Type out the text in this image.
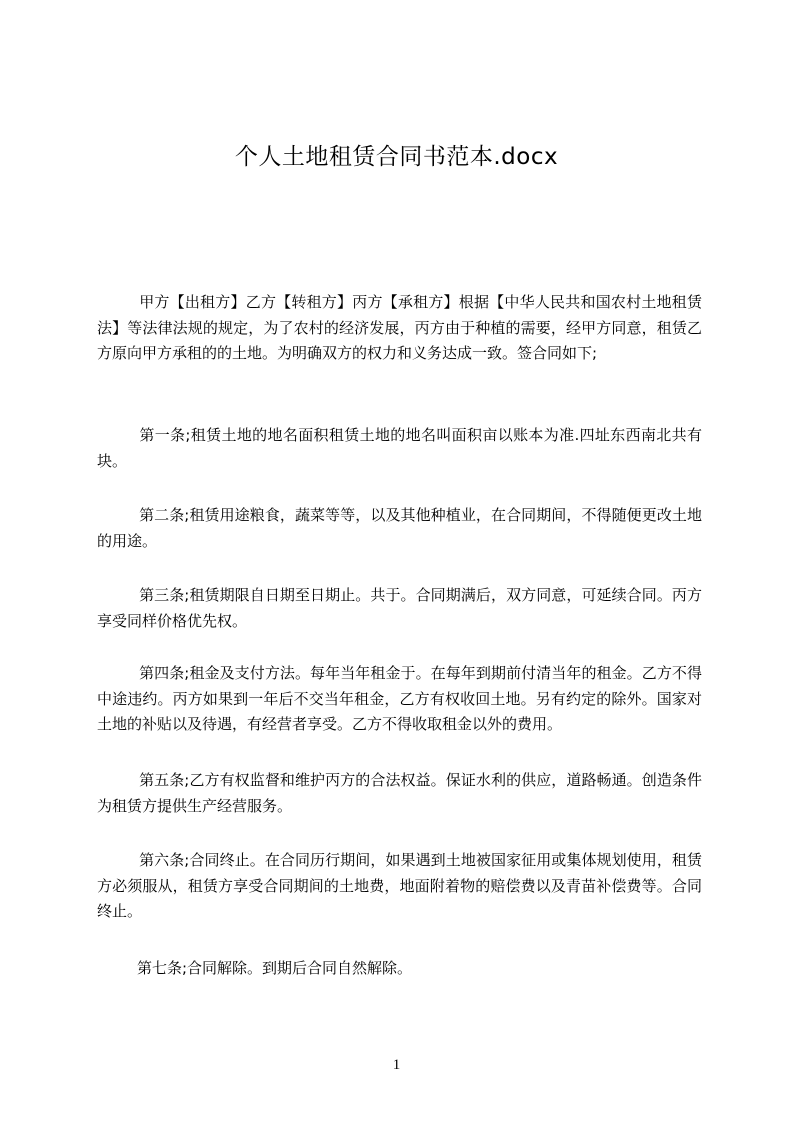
个人土地租赁合同书范本.docx

甲方【出租方】乙方【转租方】丙方【承租方】根据【中华人民共和国农村土地租赁法】等法律法规的规定，为了农村的经济发展，丙方由于种植的需要，经甲方同意，租赁乙方原向甲方承租的的土地。为明确双方的权力和义务达成一致。签合同如下;

第一条;租赁土地的地名面积租赁土地的地名叫面积亩以账本为准.四址东西南北共有块。

第二条;租赁用途粮食，蔬菜等等，以及其他种植业，在合同期间，不得随便更改土地的用途。

第三条;租赁期限自日期至日期止。共于。合同期满后，双方同意，可延续合同。丙方享受同样价格优先权。

第四条;租金及支付方法。每年当年租金于。在每年到期前付清当年的租金。乙方不得中途违约。丙方如果到一年后不交当年租金，乙方有权收回土地。另有约定的除外。国家对土地的补贴以及待遇，有经营者享受。乙方不得收取租金以外的费用。

第五条;乙方有权监督和维护丙方的合法权益。保证水利的供应，道路畅通。创造条件为租赁方提供生产经营服务。

第六条;合同终止。在合同历行期间，如果遇到土地被国家征用或集体规划使用，租赁方必须服从，租赁方享受合同期间的土地费，地面附着物的赔偿费以及青苗补偿费等。合同终止。

第七条;合同解除。到期后合同自然解除。

1
